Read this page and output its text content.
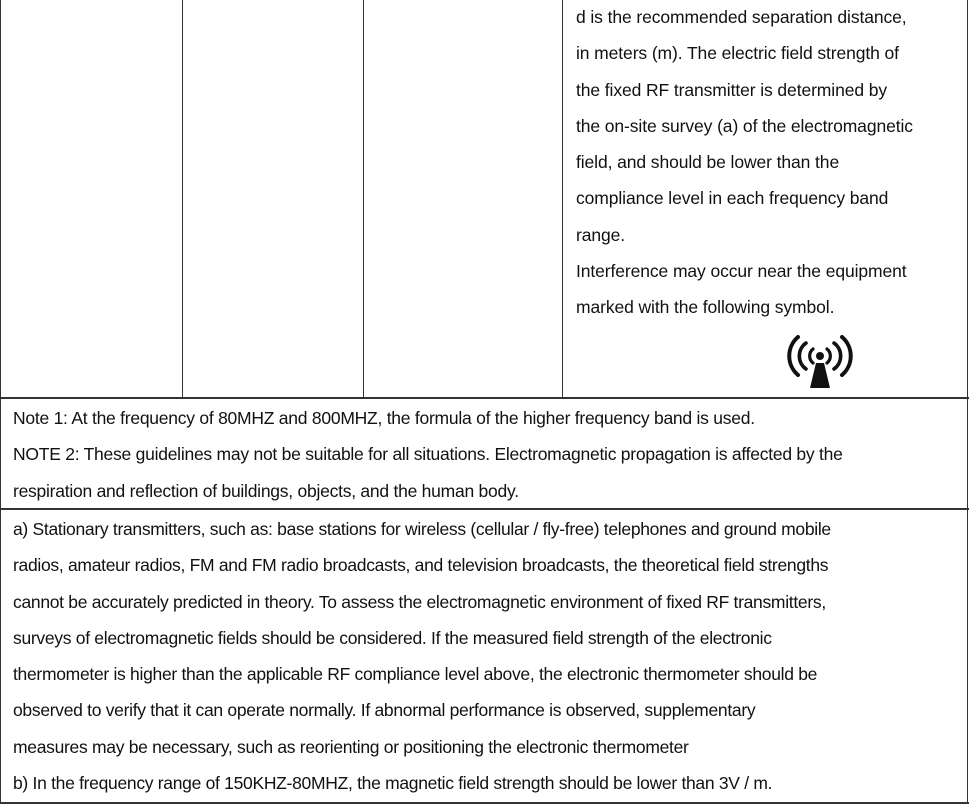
d is the recommended separation distance,
in meters (m). The electric field strength of
the fixed RF transmitter is determined by
the on-site survey (a) of the electromagnetic
field, and should be lower than the
compliance level in each frequency band
range.
Interference may occur near the equipment
marked with the following symbol.
Note 1: At the frequency of 80MHZ and 800MHZ, the formula of the higher frequency band is used.
NOTE 2: These guidelines may not be suitable for all situations. Electromagnetic propagation is affected by the
respiration and reflection of buildings, objects, and the human body.
a) Stationary transmitters, such as: base stations for wireless (cellular / fly-free) telephones and ground mobile
radios, amateur radios, FM and FM radio broadcasts, and television broadcasts, the theoretical field strengths
cannot be accurately predicted in theory. To assess the electromagnetic environment of fixed RF transmitters,
surveys of electromagnetic fields should be considered. If the measured field strength of the electronic
thermometer is higher than the applicable RF compliance level above, the electronic thermometer should be
observed to verify that it can operate normally. If abnormal performance is observed, supplementary
measures may be necessary, such as reorienting or positioning the electronic thermometer
b) In the frequency range of 150KHZ-80MHZ, the magnetic field strength should be lower than 3V / m.
